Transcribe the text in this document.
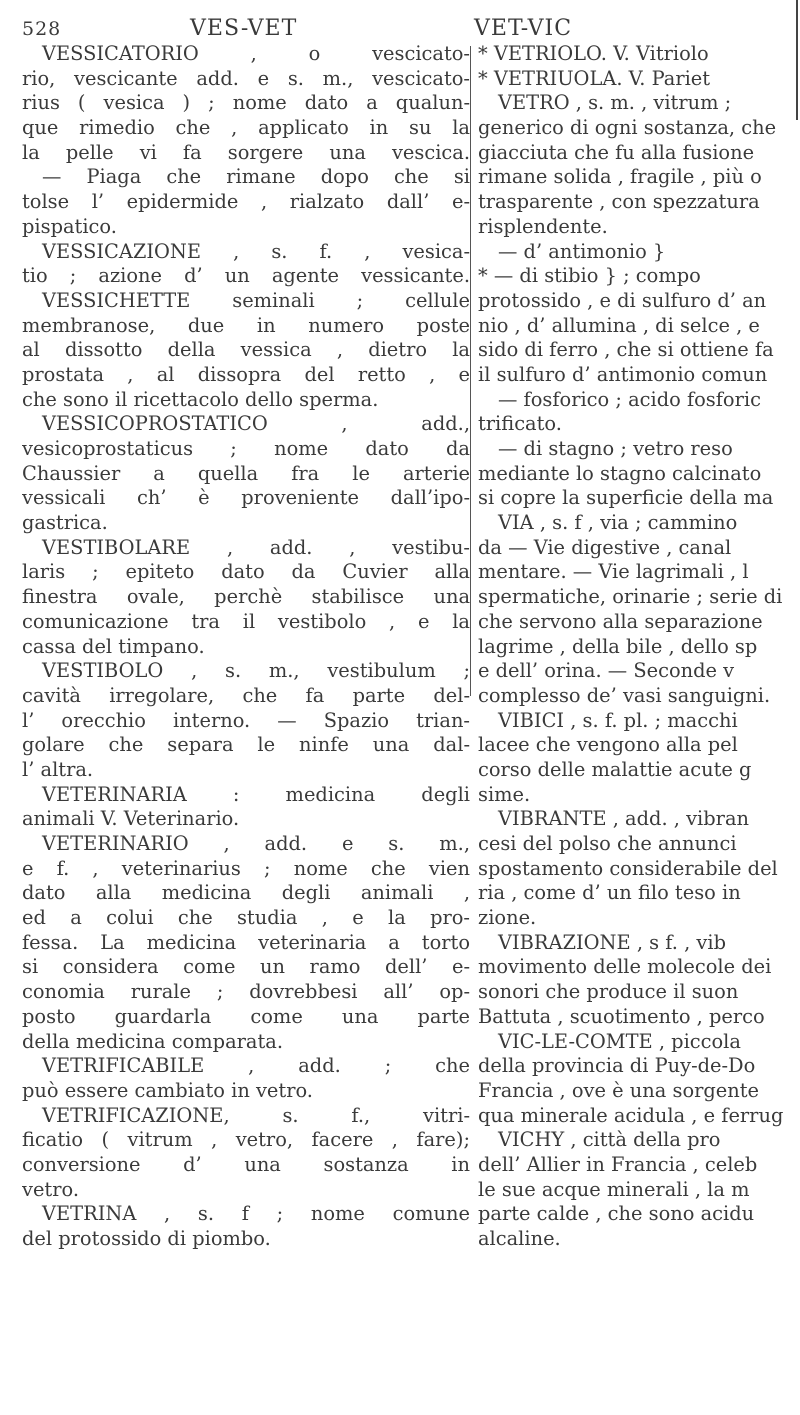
528	VES-VET	VET-VIC
VESSICATORIO , o vescicato-
rio, vescicante add. e s. m., vescicato-
rius ( vesica ) ; nome dato a qualun-
que rimedio che , applicato in su la
la pelle vi fa sorgere una vescica.
— Piaga che rimane dopo che si
tolse l’ epidermide , rialzato dall’ e-
pispatico.
VESSICAZIONE , s. f. , vesica-
tio ; azione d’ un agente vessicante.
VESSICHETTE seminali ; cellule
membranose, due in numero poste
al dissotto della vessica , dietro la
prostata , al dissopra del retto , e
che sono il ricettacolo dello sperma.
VESSICOPROSTATICO , add.,
vesicoprostaticus ; nome dato da
Chaussier a quella fra le arterie
vessicali ch’ è proveniente dall’ipo-
gastrica.
VESTIBOLARE , add. , vestibu-
laris ; epiteto dato da Cuvier alla
finestra ovale, perchè stabilisce una
comunicazione tra il vestibolo , e la
cassa del timpano.
VESTIBOLO , s. m., vestibulum ;
cavità irregolare, che fa parte del-
l’ orecchio interno. — Spazio trian-
golare che separa le ninfe una dal-
l’ altra.
VETERINARIA : medicina degli
animali V. Veterinario.
VETERINARIO , add. e s. m.,
e f. , veterinarius ; nome che vien
dato alla medicina degli animali ,
ed a colui che studia , e la pro-
fessa. La medicina veterinaria a torto
si considera come un ramo dell’ e-
conomia rurale ; dovrebbesi all’ op-
posto guardarla come una parte
della medicina comparata.
VETRIFICABILE , add. ; che
può essere cambiato in vetro.
VETRIFICAZIONE, s. f., vitri-
ficatio ( vitrum , vetro, facere , fare);
conversione d’ una sostanza in
vetro.
VETRINA , s. f ; nome comune
del protossido di piombo.
* VETRIOLO. V. Vitriolo
* VETRIUOLA. V. Pariet
VETRO , s. m. , vitrum ;
generico di ogni sostanza, che
giacciuta che fu alla fusione
rimane solida , fragile , più o
trasparente , con spezzatura
risplendente.
— d’ antimonio }
* — di stibio } ; compo
protossido , e di sulfuro d’ an
nio , d’ allumina , di selce , e
sido di ferro , che si ottiene fa
il sulfuro d’ antimonio comun
— fosforico ; acido fosforic
trificato.
— di stagno ; vetro reso
mediante lo stagno calcinato
si copre la superficie della ma
VIA , s. f , via ; cammino
da — Vie digestive , canal
mentare. — Vie lagrimali , l
spermatiche, orinarie ; serie di
che servono alla separazione
lagrime , della bile , dello sp
e dell’ orina. — Seconde v
complesso de’ vasi sanguigni.
VIBICI , s. f. pl. ; macchi
lacee che vengono alla pel
corso delle malattie acute g
sime.
VIBRANTE , add. , vibran
cesi del polso che annunci
spostamento considerabile del
ria , come d’ un filo teso in
zione.
VIBRAZIONE , s f. , vib
movimento delle molecole dei
sonori che produce il suon
Battuta , scuotimento , perco
VIC-LE-COMTE , piccola
della provincia di Puy-de-Do
Francia , ove è una sorgente
qua minerale acidula , e ferrug
VICHY , città della pro
dell’ Allier in Francia , celeb
le sue acque minerali , la m
parte calde , che sono acidu
alcaline.
